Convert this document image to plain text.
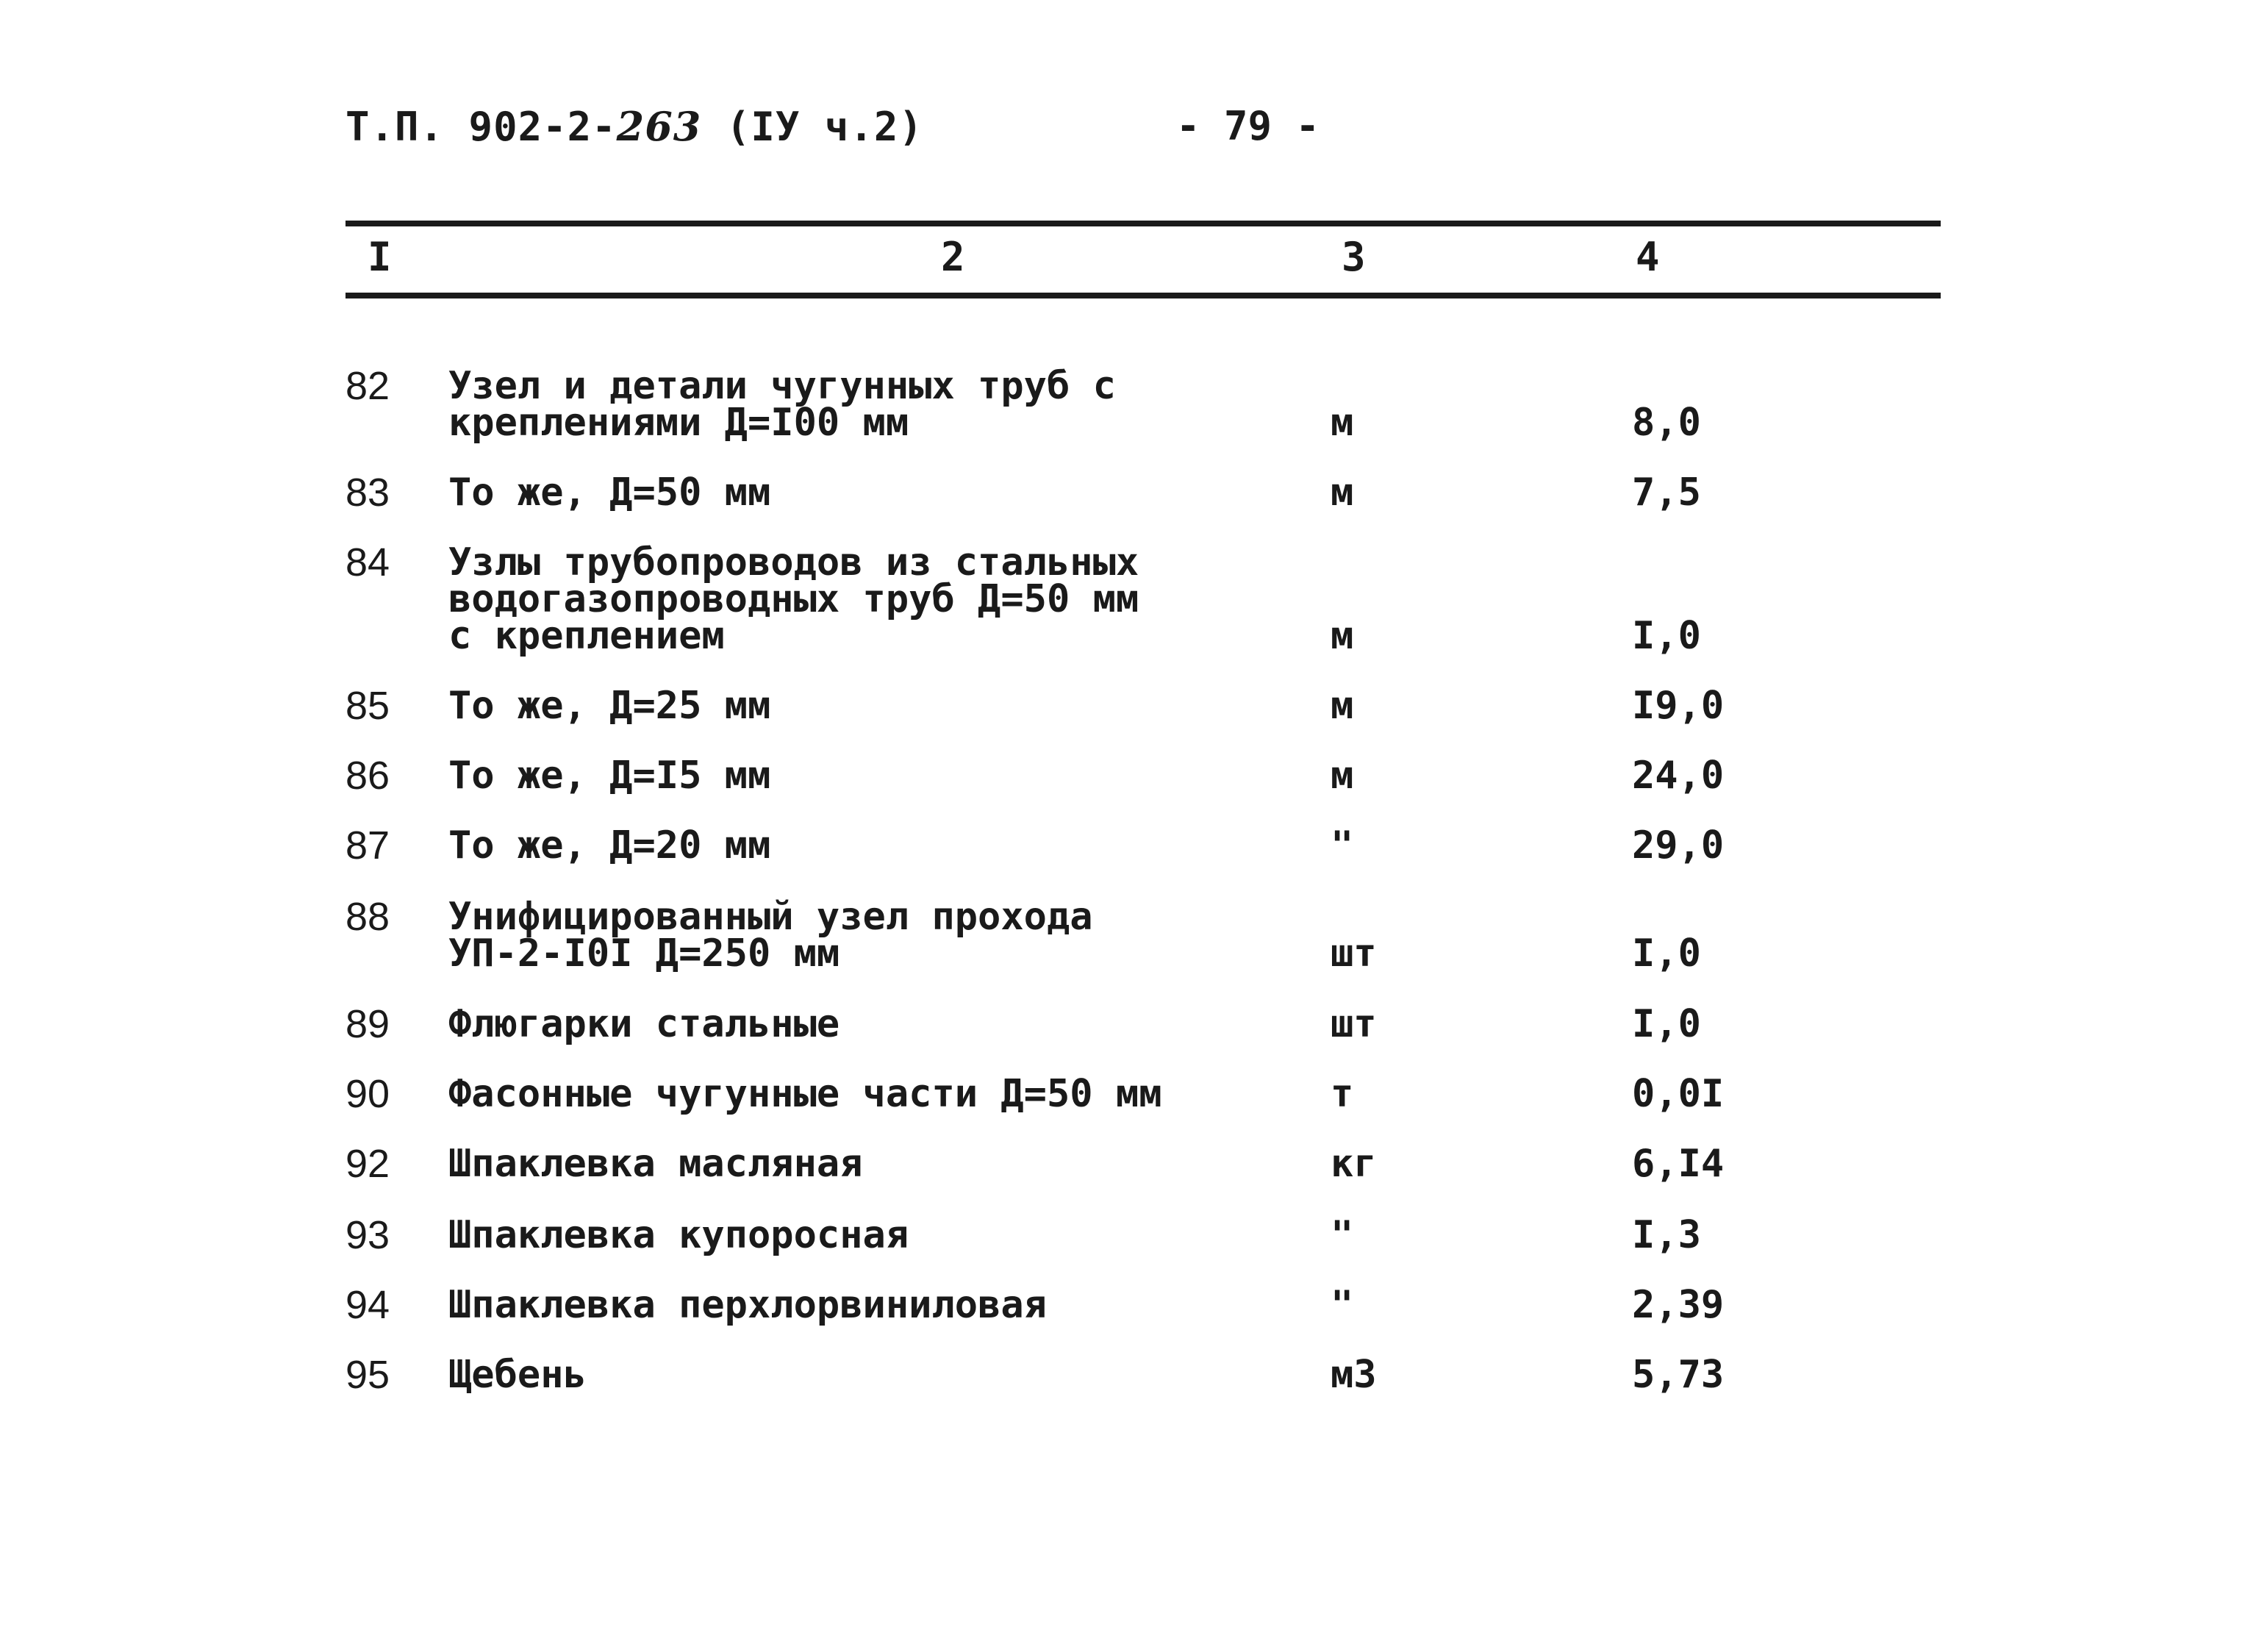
Т.П. 902-2-263 (IУ ч.2)	- 79 -
I	2	3	4
82	Узел и детали чугунных труб с
креплениями Д=I00 мм	м	8,0
83	То же, Д=50 мм	м	7,5
84	Узлы трубопроводов из стальных
водогазопроводных труб Д=50 мм
с креплением	м	I,0
85	То же, Д=25 мм	м	I9,0
86	То же, Д=I5 мм	м	24,0
87	То же, Д=20 мм	"	29,0
88	Унифицированный узел прохода
УП-2-I0I Д=250 мм	шт	I,0
89	Флюгарки стальные	шт	I,0
90	Фасонные чугунные части Д=50 мм	т	0,0I
92	Шпаклевка масляная	кг	6,I4
93	Шпаклевка купоросная	"	I,3
94	Шпаклевка перхлорвиниловая	"	2,39
95	Щебень	м3	5,73
